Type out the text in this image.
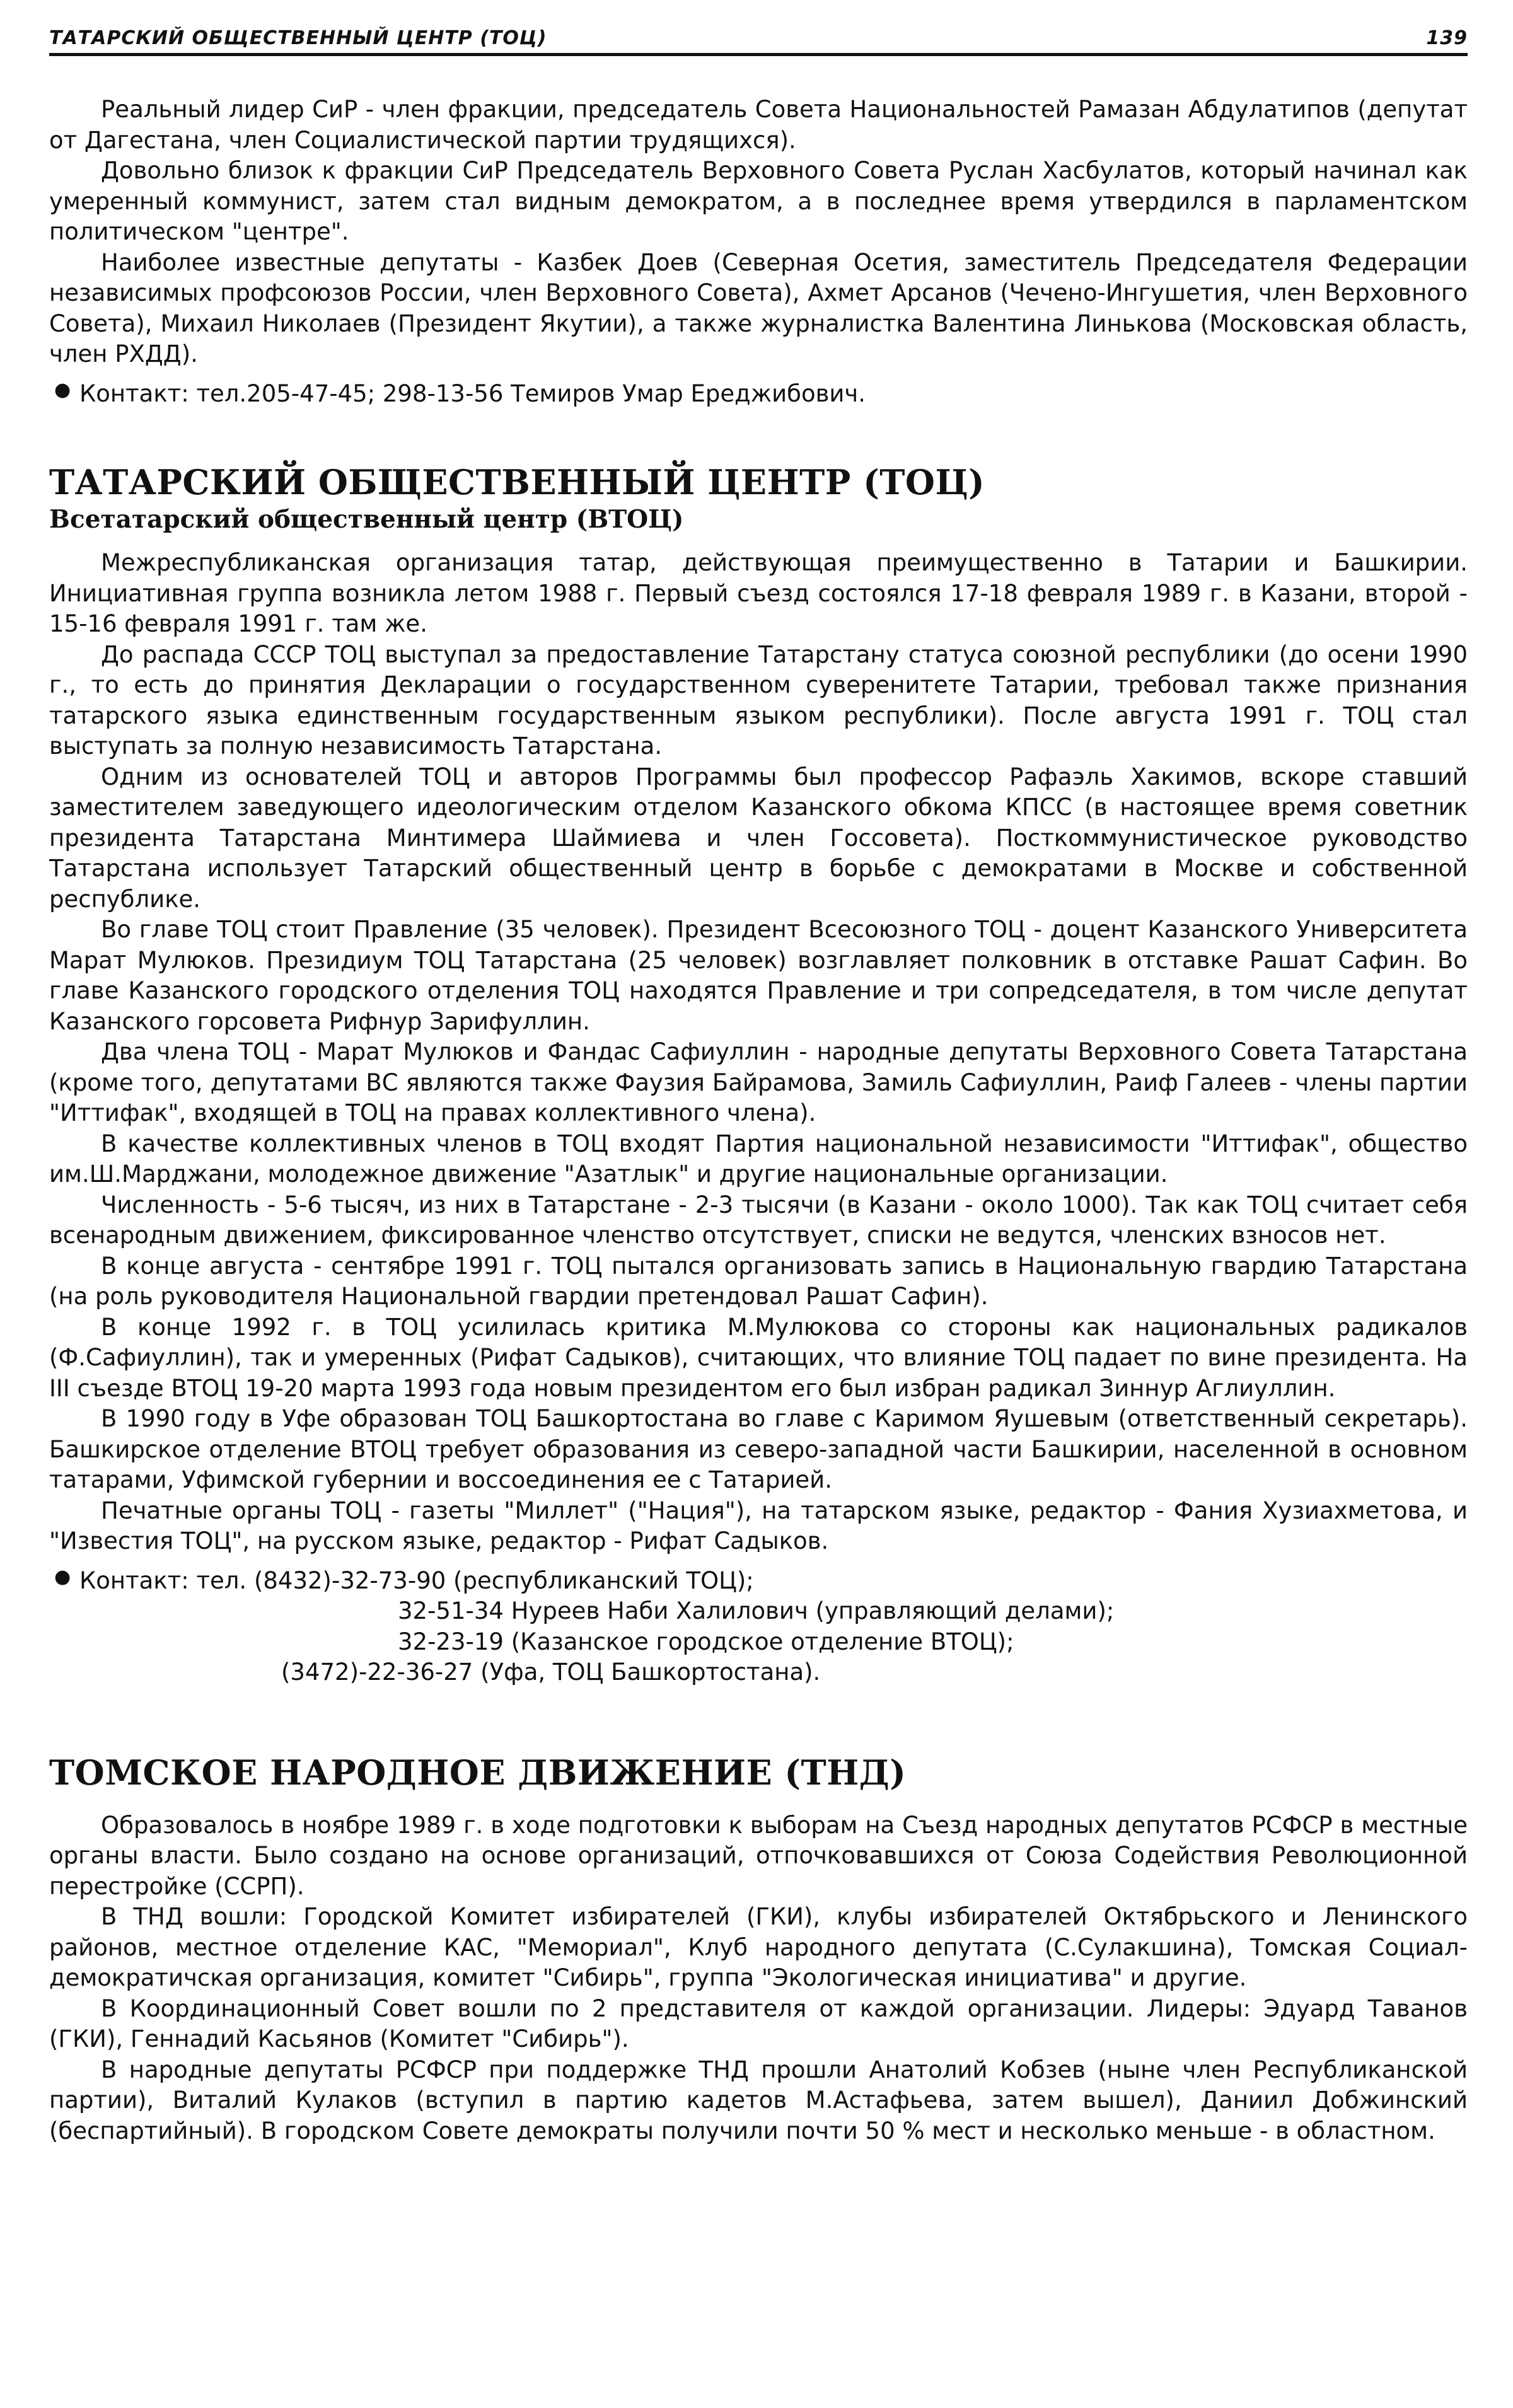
ТАТАРСКИЙ ОБЩЕСТВЕННЫЙ ЦЕНТР (ТОЦ)	139

Реальный лидер СиР - член фракции, председатель Совета Национальностей Рамазан Абдулатипов (депутат от Дагестана, член Социалистической партии трудящихся).

Довольно близок к фракции СиР Председатель Верховного Совета Руслан Хасбулатов, который начинал как умеренный коммунист, затем стал видным демократом, а в последнее время утвердился в парламентском политическом "центре".

Наиболее известные депутаты - Казбек Доев (Северная Осетия, заместитель Председателя Федерации независимых профсоюзов России, член Верховного Совета), Ахмет Арсанов (Чечено-Ингушетия, член Верховного Совета), Михаил Николаев (Президент Якутии), а также журналистка Валентина Линькова (Московская область, член РХДД).

● Контакт: тел.205-47-45; 298-13-56 Темиров Умар Ереджибович.
ТАТАРСКИЙ ОБЩЕСТВЕННЫЙ ЦЕНТР (ТОЦ)
Всетатарский общественный центр (ВТОЦ)

Межреспубликанская организация татар, действующая преимущественно в Татарии и Башкирии. Инициативная группа возникла летом 1988 г. Первый съезд состоялся 17-18 февраля 1989 г. в Казани, второй - 15-16 февраля 1991 г. там же.

До распада СССР ТОЦ выступал за предоставление Татарстану статуса союзной республики (до осени 1990 г., то есть до принятия Декларации о государственном суверенитете Татарии, требовал также признания татарского языка единственным государственным языком республики). После августа 1991 г. ТОЦ стал выступать за полную независимость Татарстана.

Одним из основателей ТОЦ и авторов Программы был профессор Рафаэль Хакимов, вскоре ставший заместителем заведующего идеологическим отделом Казанского обкома КПСС (в настоящее время советник президента Татарстана Минтимера Шаймиева и член Госсовета). Посткоммунистическое руководство Татарстана использует Татарский общественный центр в борьбе с демократами в Москве и собственной республике.

Во главе ТОЦ стоит Правление (35 человек). Президент Всесоюзного ТОЦ - доцент Казанского Университета Марат Мулюков. Президиум ТОЦ Татарстана (25 человек) возглавляет полковник в отставке Рашат Сафин. Во главе Казанского городского отделения ТОЦ находятся Правление и три сопредседателя, в том числе депутат Казанского горсовета Рифнур Зарифуллин.

Два члена ТОЦ - Марат Мулюков и Фандас Сафиуллин - народные депутаты Верховного Совета Татарстана (кроме того, депутатами ВС являются также Фаузия Байрамова, Замиль Сафиуллин, Раиф Галеев - члены партии "Иттифак", входящей в ТОЦ на правах коллективного члена).

В качестве коллективных членов в ТОЦ входят Партия национальной независимости "Иттифак", общество им.Ш.Марджани, молодежное движение "Азатлык" и другие национальные организации.

Численность - 5-6 тысяч, из них в Татарстане - 2-3 тысячи (в Казани - около 1000). Так как ТОЦ считает себя всенародным движением, фиксированное членство отсутствует, списки не ведутся, членских взносов нет.

В конце августа - сентябре 1991 г. ТОЦ пытался организовать запись в Национальную гвардию Татарстана (на роль руководителя Национальной гвардии претендовал Рашат Сафин).

В конце 1992 г. в ТОЦ усилилась критика М.Мулюкова со стороны как национальных радикалов (Ф.Сафиуллин), так и умеренных (Рифат Садыков), считающих, что влияние ТОЦ падает по вине президента. На III съезде ВТОЦ 19-20 марта 1993 года новым президентом его был избран радикал Зиннур Аглиуллин.

В 1990 году в Уфе образован ТОЦ Башкортостана во главе с Каримом Яушевым (ответственный секретарь). Башкирское отделение ВТОЦ требует образования из северо-западной части Башкирии, населенной в основном татарами, Уфимской губернии и воссоединения ее с Татарией.

Печатные органы ТОЦ - газеты "Миллет" ("Нация"), на татарском языке, редактор - Фания Хузиахметова, и "Известия ТОЦ", на русском языке, редактор - Рифат Садыков.

● Контакт: тел. (8432)-32-73-90 (республиканский ТОЦ);
32-51-34 Нуреев Наби Халилович (управляющий делами);
32-23-19 (Казанское городское отделение ВТОЦ);
(3472)-22-36-27 (Уфа, ТОЦ Башкортостана).
ТОМСКОЕ НАРОДНОЕ ДВИЖЕНИЕ (ТНД)

Образовалось в ноябре 1989 г. в ходе подготовки к выборам на Съезд народных депутатов РСФСР в местные органы власти. Было создано на основе организаций, отпочковавшихся от Союза Содействия Революционной перестройке (ССРП).

В ТНД вошли: Городской Комитет избирателей (ГКИ), клубы избирателей Октябрьского и Ленинского районов, местное отделение КАС, "Мемориал", Клуб народного депутата (С.Сулакшина), Томская Социал-демократичская организация, комитет "Сибирь", группа "Экологическая инициатива" и другие.

В Координационный Совет вошли по 2 представителя от каждой организации. Лидеры: Эдуард Таванов (ГКИ), Геннадий Касьянов (Комитет "Сибирь").

В народные депутаты РСФСР при поддержке ТНД прошли Анатолий Кобзев (ныне член Республиканской партии), Виталий Кулаков (вступил в партию кадетов М.Астафьева, затем вышел), Даниил Добжинский (беспартийный). В городском Совете демократы получили почти 50 % мест и несколько меньше - в областном.
